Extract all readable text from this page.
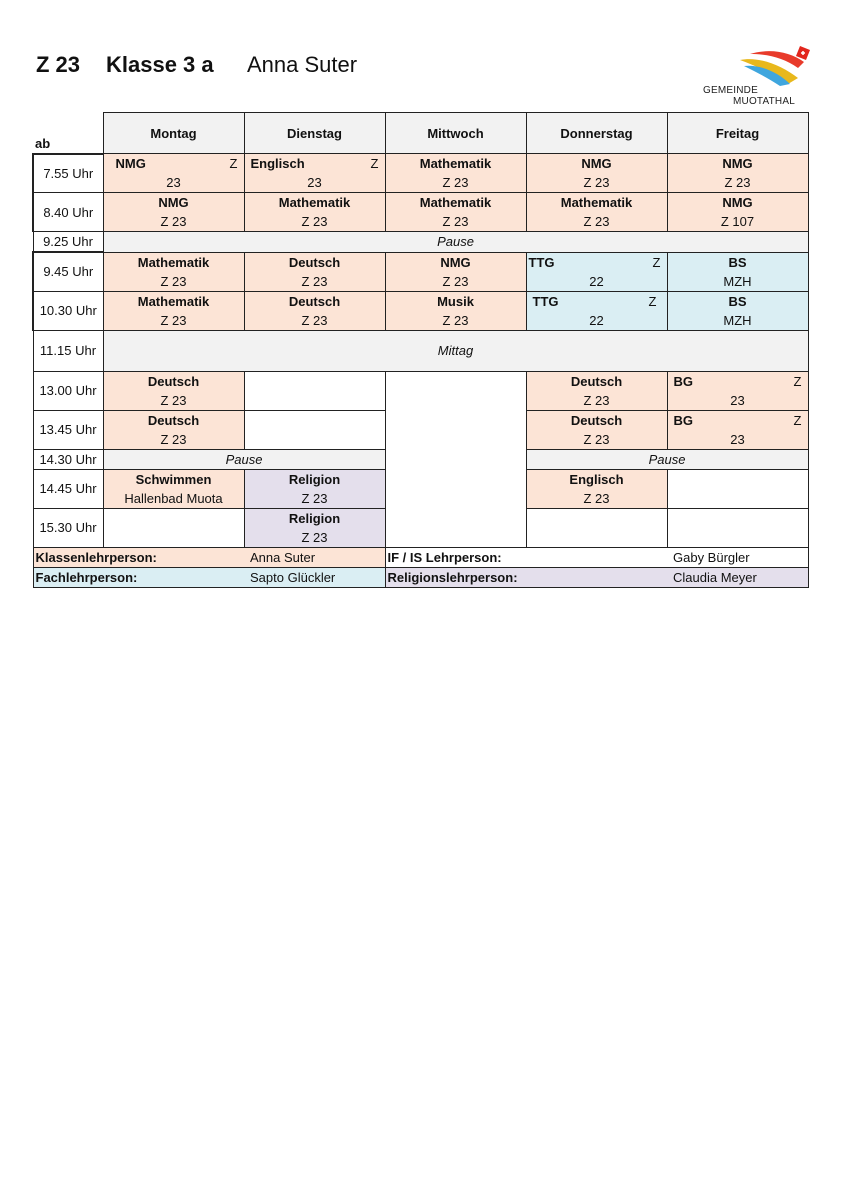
Z 23 Klasse 3 a Anna Suter
GEMEINDE
MUOTATHAL
ab	Montag		Dienstag		Mittwoch	Donnerstag		Freitag	
7.55 Uhr	NMG	Z	Englisch	Z	Mathematik	NMG		NMG	
	23		23		Z 23	Z 23		Z 23	
8.40 Uhr	NMG		Mathematik		Mathematik	Mathematik		NMG	
	Z 23		Z 23		Z 23	Z 23		Z 107	
9.25 Uhr	Pause								
9.45 Uhr	Mathematik		Deutsch		NMG	TTG	Z	BS	
	Z 23		Z 23		Z 23	22		MZH	
10.30 Uhr	Mathematik		Deutsch		Musik	TTG	Z	BS	
	Z 23		Z 23		Z 23	22		MZH	
11.15 Uhr	Mittag								
13.00 Uhr	Deutsch					Deutsch		BG	Z
	Z 23					Z 23		23	
13.45 Uhr	Deutsch					Deutsch		BG	Z
	Z 23					Z 23		23	
14.30 Uhr	Pause					Pause			
14.45 Uhr	Schwimmen		Religion			Englisch			
	Hallenbad Muota		Z 23			Z 23			
15.30 Uhr			Religion						
			Z 23						
Klassenlehrperson:			Anna Suter		IF / IS Lehrperson:			Gaby Bürgler	
Fachlehrperson:			Sapto Glückler		Religionslehrperson:			Claudia Meyer	
